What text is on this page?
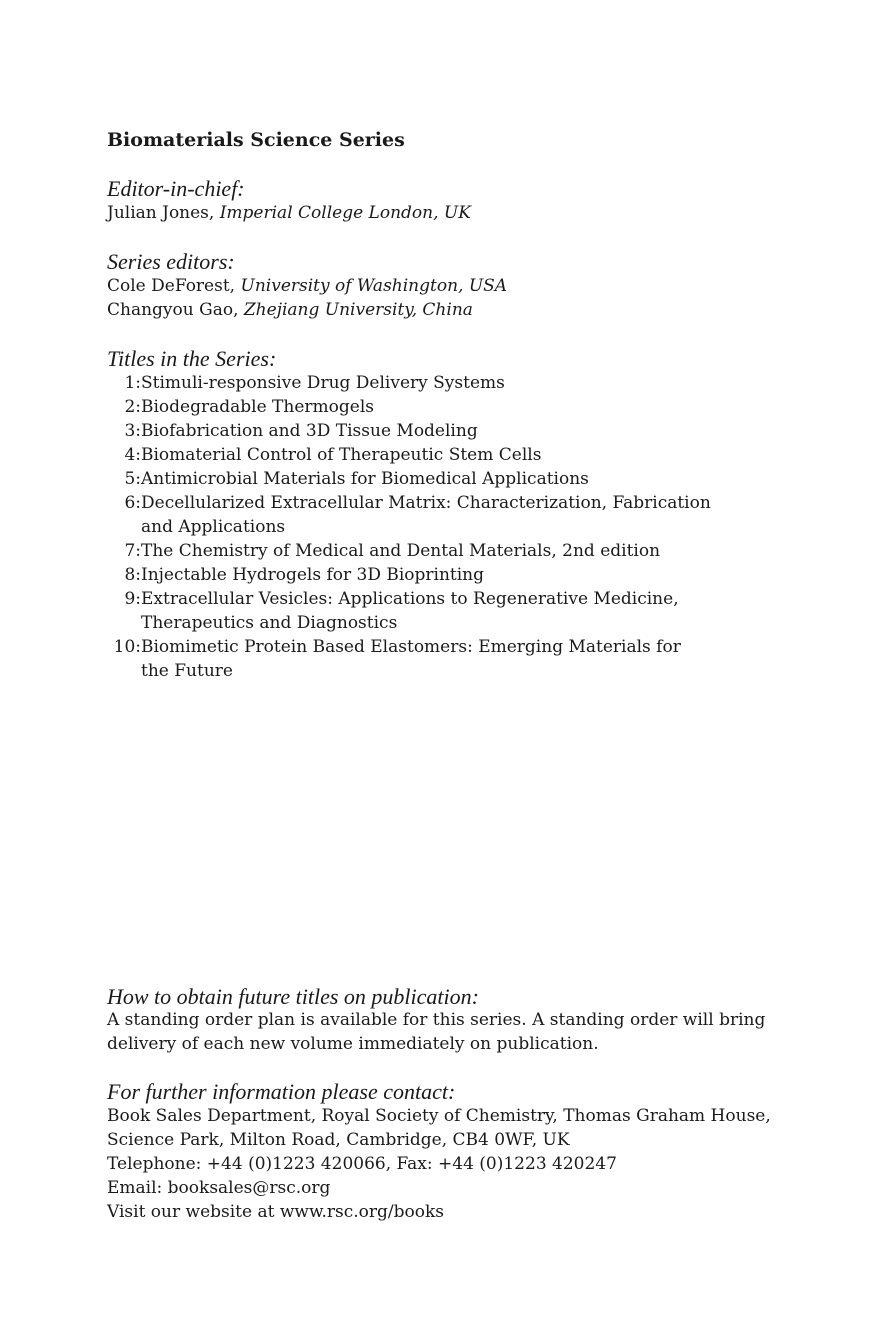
Biomaterials Science Series

Editor-in-chief:

Julian Jones, Imperial College London, UK

Series editors:

Cole DeForest, University of Washington, USA
Changyou Gao, Zhejiang University, China

Titles in the Series:

1: Stimuli-responsive Drug Delivery Systems
2: Biodegradable Thermogels
3: Biofabrication and 3D Tissue Modeling
4: Biomaterial Control of Therapeutic Stem Cells
5: Antimicrobial Materials for Biomedical Applications
6: Decellularized Extracellular Matrix: Characterization, Fabrication and Applications
7: The Chemistry of Medical and Dental Materials, 2nd edition
8: Injectable Hydrogels for 3D Bioprinting
9: Extracellular Vesicles: Applications to Regenerative Medicine, Therapeutics and Diagnostics
10: Biomimetic Protein Based Elastomers: Emerging Materials for the Future

How to obtain future titles on publication:

A standing order plan is available for this series. A standing order will bring delivery of each new volume immediately on publication.

For further information please contact:

Book Sales Department, Royal Society of Chemistry, Thomas Graham House,
Science Park, Milton Road, Cambridge, CB4 0WF, UK
Telephone: +44 (0)1223 420066, Fax: +44 (0)1223 420247
Email: booksales@rsc.org
Visit our website at www.rsc.org/books
